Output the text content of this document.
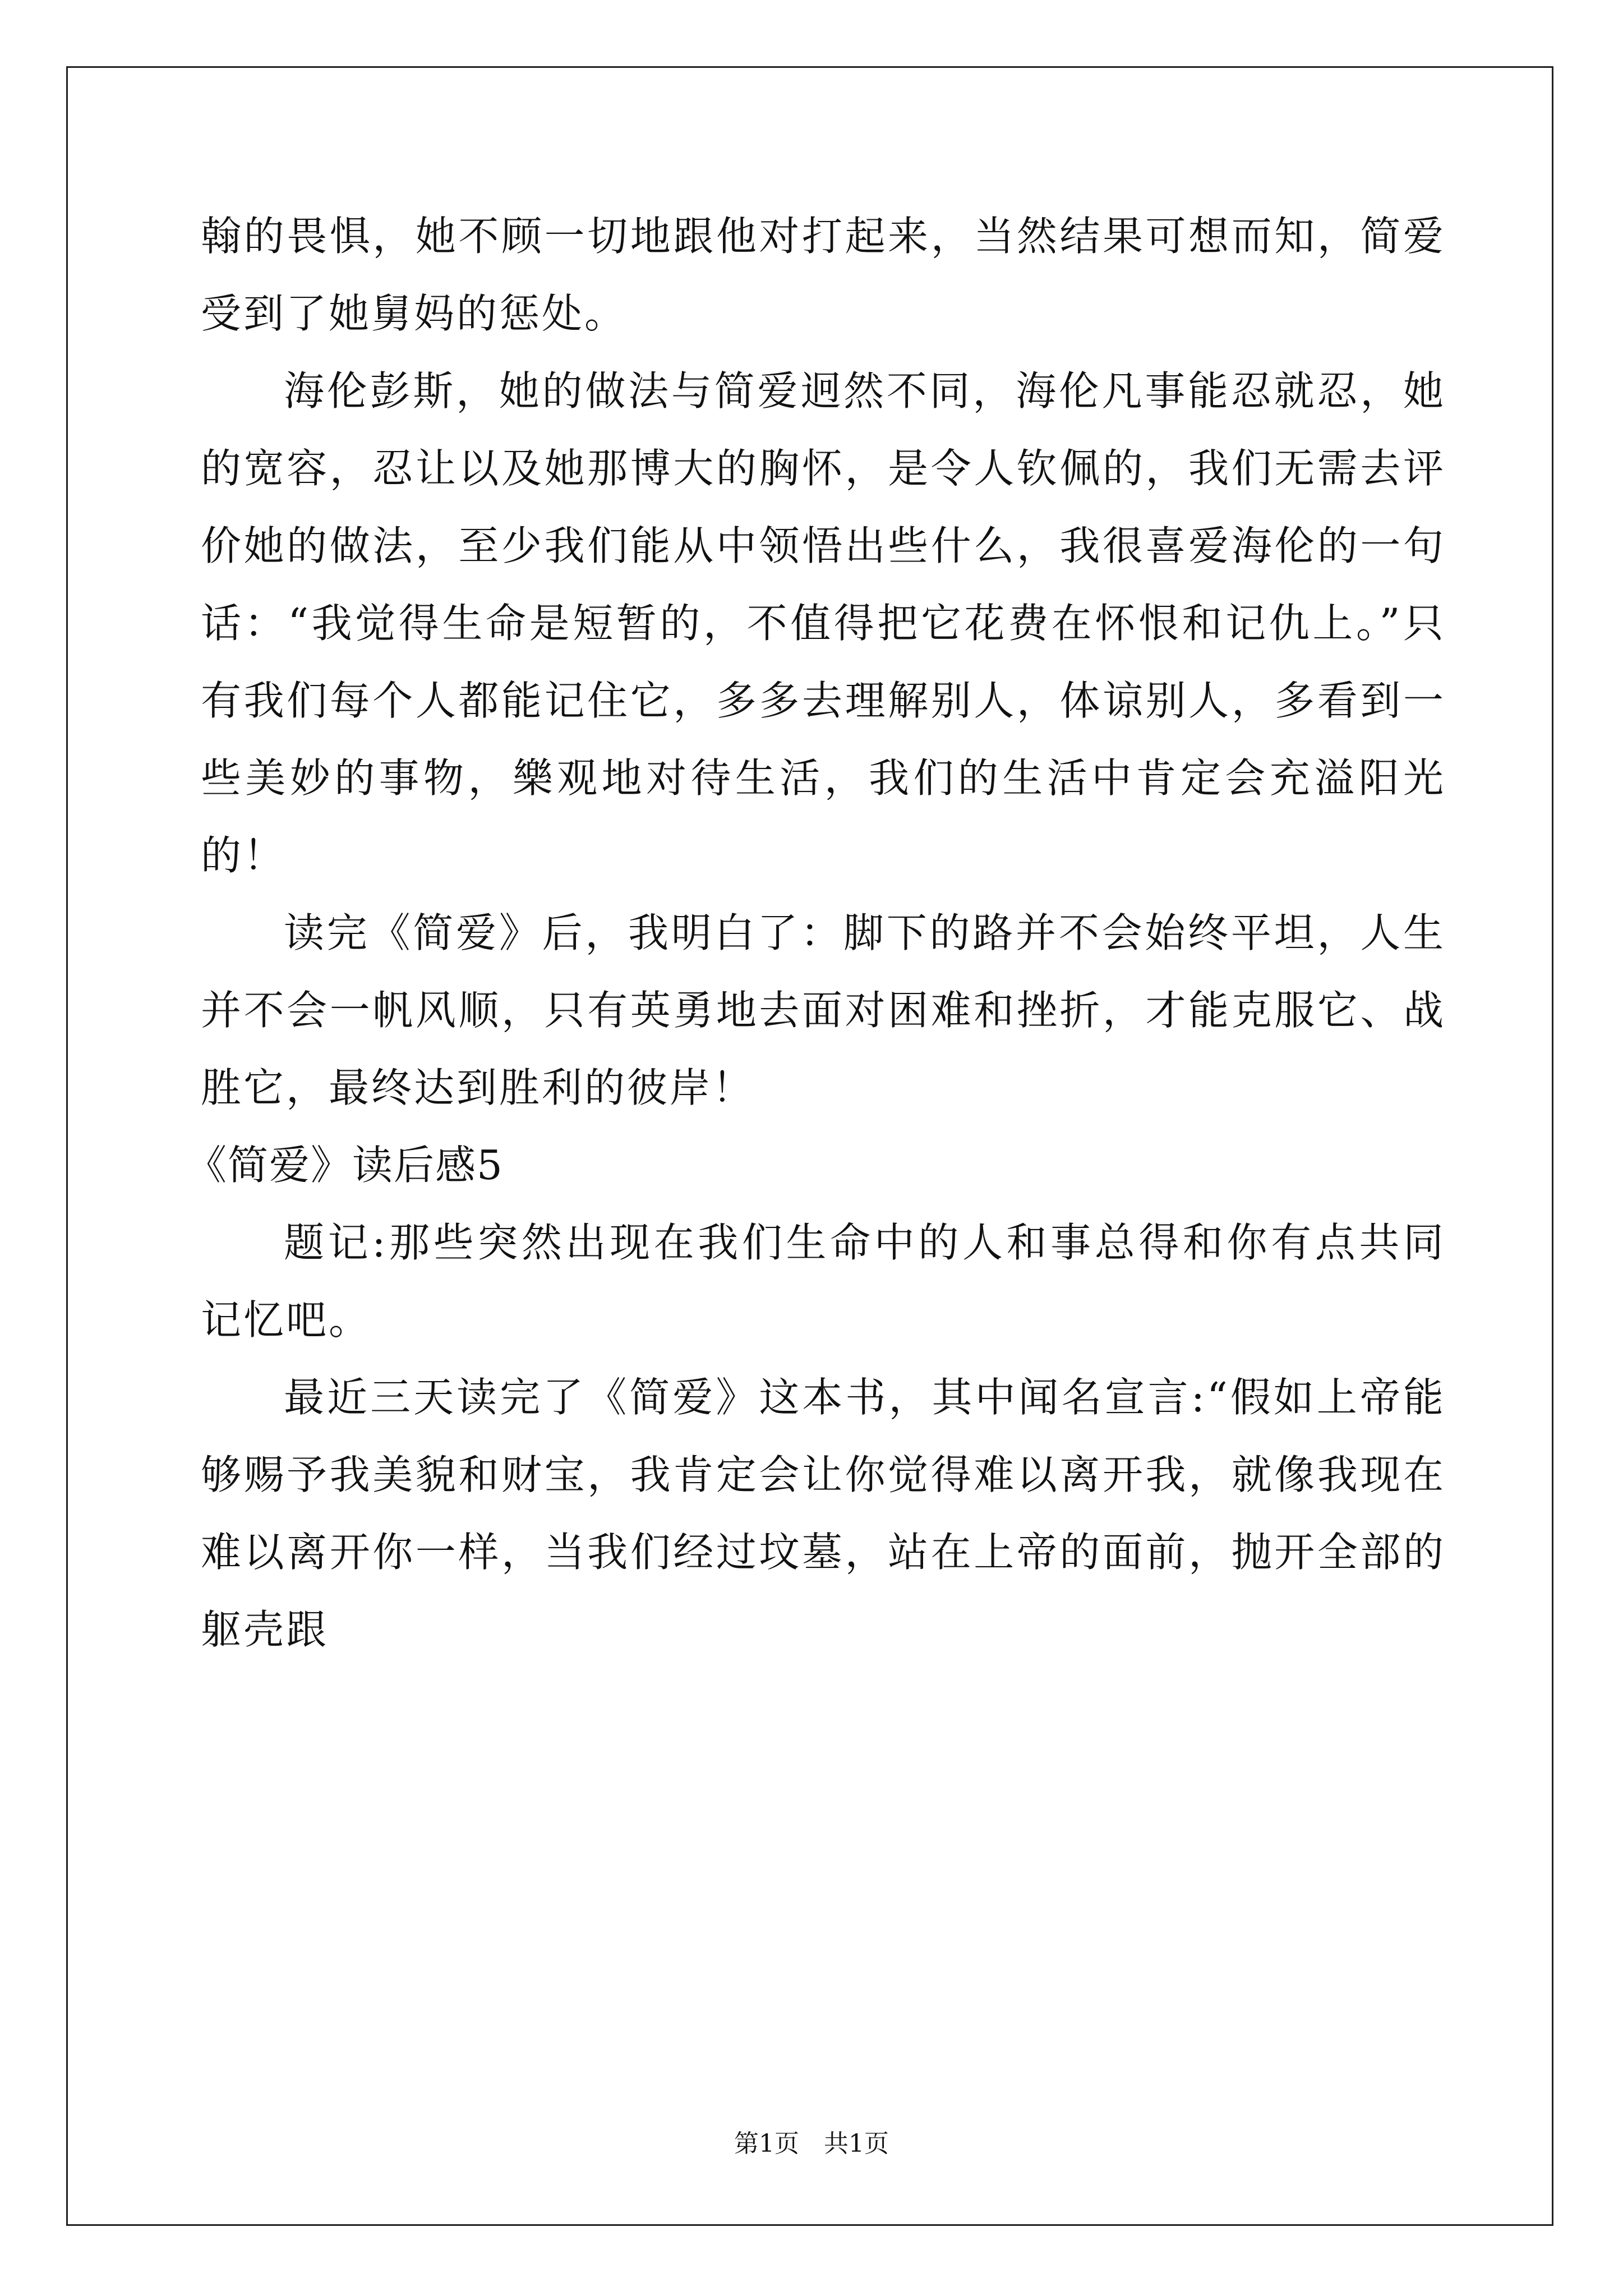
翰的畏惧，她不顾一切地跟他对打起来，当然结果可想而知，简爱受到了她舅妈的惩处。

海伦彭斯，她的做法与简爱迥然不同，海伦凡事能忍就忍，她的宽容，忍让以及她那博大的胸怀，是令人钦佩的，我们无需去评价她的做法，至少我们能从中领悟出些什么，我很喜爱海伦的一句话：“我觉得生命是短暂的，不值得把它花费在怀恨和记仇上。”只有我们每个人都能记住它，多多去理解别人，体谅别人，多看到一些美妙的事物，樂观地对待生活，我们的生活中肯定会充溢阳光的！

读完《简爱》后，我明白了：脚下的路并不会始终平坦，人生并不会一帆风顺，只有英勇地去面对困难和挫折，才能克服它、战胜它，最终达到胜利的彼岸！

《简爱》读后感5

题记:那些突然出现在我们生命中的人和事总得和你有点共同记忆吧。

最近三天读完了《简爱》这本书，其中闻名宣言:“假如上帝能够赐予我美貌和财宝，我肯定会让你觉得难以离开我，就像我现在难以离开你一样，当我们经过坟墓，站在上帝的面前，抛开全部的躯壳跟

第1页　共1页
